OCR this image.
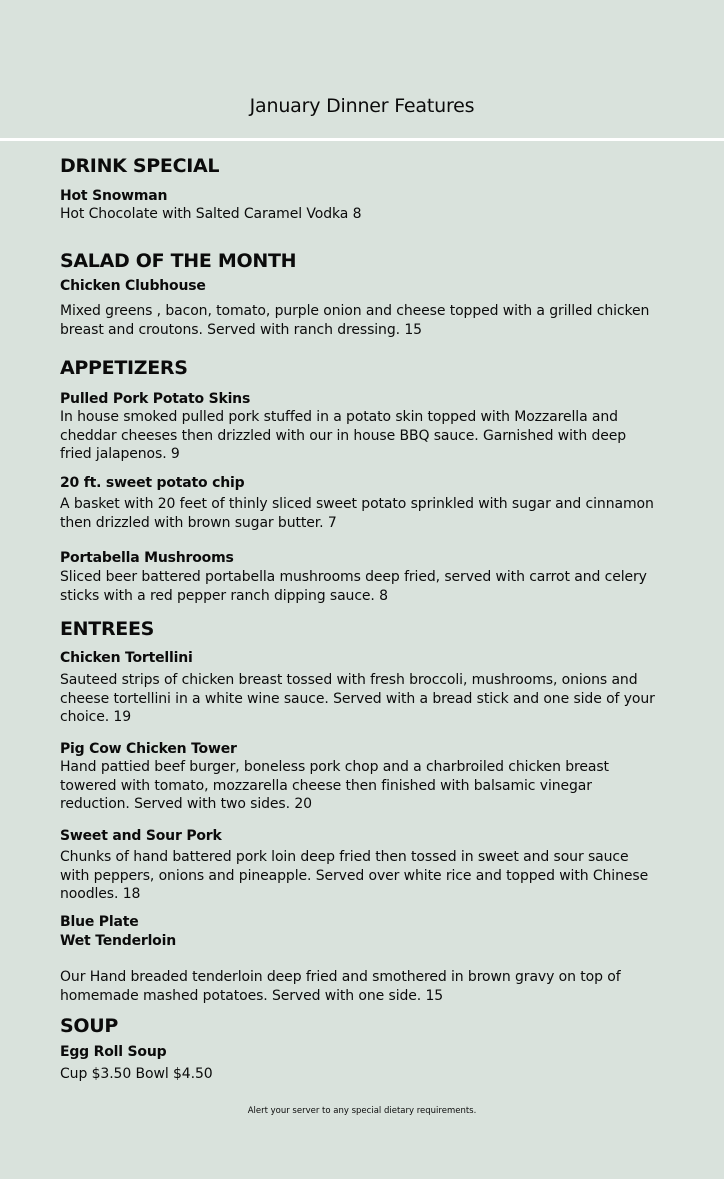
January Dinner Features
DRINK SPECIAL
Hot Snowman
Hot Chocolate with Salted Caramel Vodka 8
SALAD OF THE MONTH
Chicken Clubhouse
Mixed greens , bacon, tomato, purple onion and cheese topped with a grilled chicken breast and croutons. Served with ranch dressing. 15
APPETIZERS
Pulled Pork Potato Skins
In house smoked pulled pork stuffed in a potato skin topped with Mozzarella and cheddar cheeses then drizzled with our in house BBQ sauce. Garnished with deep fried jalapenos. 9
20 ft. sweet potato chip
A basket with 20 feet of thinly sliced sweet potato sprinkled with sugar and cinnamon then drizzled with brown sugar butter. 7
Portabella Mushrooms
Sliced beer battered portabella mushrooms deep fried, served with carrot and celery sticks with a red pepper ranch dipping sauce. 8
ENTREES
Chicken Tortellini
Sauteed strips of chicken breast tossed with fresh broccoli, mushrooms, onions and cheese tortellini in a white wine sauce. Served with a bread stick and one side of your choice. 19
Pig Cow Chicken Tower
Hand pattied beef burger, boneless pork chop and a charbroiled chicken breast towered with tomato, mozzarella cheese then finished with balsamic vinegar reduction. Served with two sides. 20
Sweet and Sour Pork
Chunks of hand battered pork loin deep fried then tossed in sweet and sour sauce with peppers, onions and pineapple. Served over white rice and topped with Chinese noodles. 18
Blue Plate
Wet Tenderloin
Our Hand breaded tenderloin deep fried and smothered in brown gravy on top of homemade mashed potatoes. Served with one side. 15
SOUP
Egg Roll Soup
Cup $3.50 Bowl $4.50
Alert your server to any special dietary requirements.
